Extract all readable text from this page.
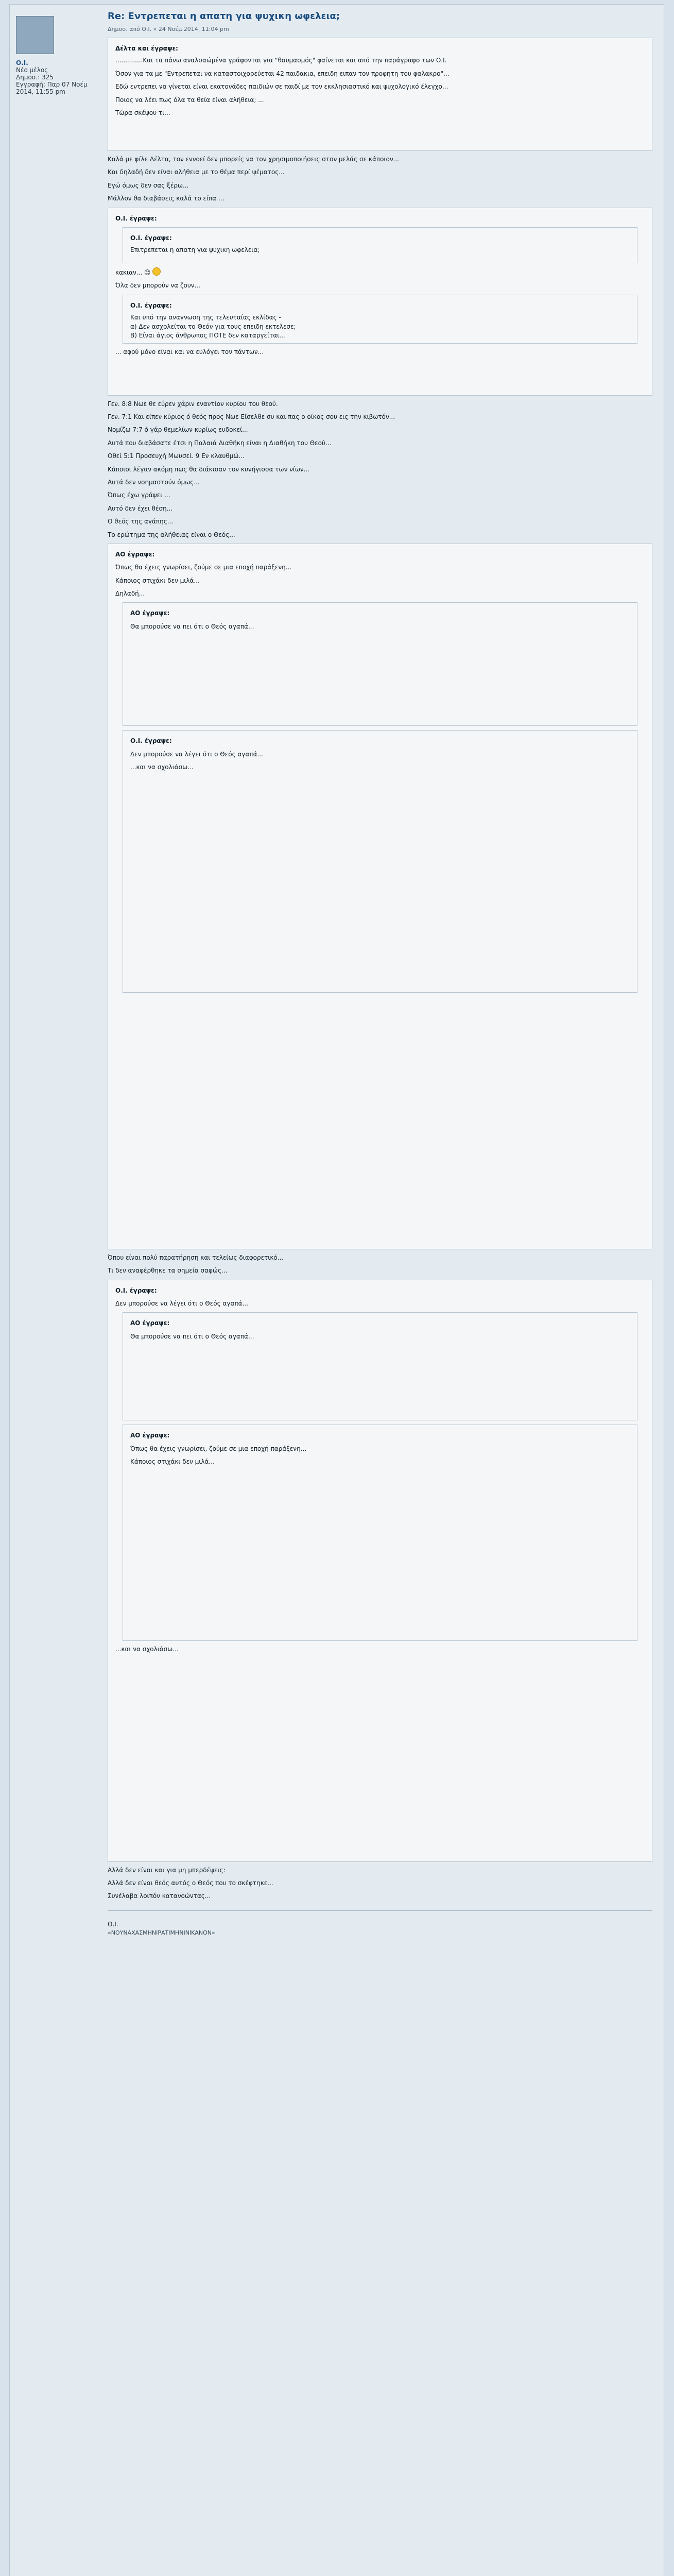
Ο.Ι.
Νέο μέλος
Δημοσ.: 325
Εγγραφή: Παρ 07 Νοέμ 2014, 11:55 pm
Re: Εντρεπεται η απατη για ψυχικη ωφελεια;
Δημοσ. από Ο.Ι. » 24 Νοέμ 2014, 11:04 pm
Δέλτα και έγραψε:
..............Και τα πάνω αναλσαώμένα γράφονται για "θαυμασμός" φαίνεται και από την παράγραφο των Ο.Ι.
Όσον για τα με "Εντρεπεται να καταστοιχορεύεται 42 παιδακια, επειδη ειπαν τον προφητη του φαλακρο"...
Εδώ εντρεπει να γίνεται είναι εκατονάδες παιδιών σε παιδί με τον εκκλησιαστικό και ψυχολογικό έλεγχο...
Ποιος να λέει πως όλα τα θεία είναι αλήθεια; ...
Τώρα σκέψου τι...
Καλά με φίλε Δέλτα, τον εννοεί δεν μπορείς να τον χρησιμοποιήσεις στον μελάς σε κάποιον...
Και δηλαδή δεν είναι αλήθεια με το θέμα περί ψέματος...
Εγώ όμως δεν σας ξέρω...
Μάλλον θα διαβάσεις καλά το είπα ...
Ο.Ι. έγραψε:
Ο.Ι. έγραψε:
Επιτρεπεται η απατη για ψυχικη ωφελεια;
κακιαν... 😊
Όλα δεν μπορούν να ζουν...
Ο.Ι. έγραψε:
Και υπό την αναγνωση της τελευταίας εκλίδας -
α) Δεν ασχολείται το Θεόν για τους επειδη εκτελεσε;
Β) Είναι άγιος άνθρωπος ΠΟΤΕ δεν καταργείται...
... αφού μόνο είναι και να ευλόγει τον πάντων...
Γεν. 8:8 Νωε θε εύρεν χάριν εναντίον κυρίου του θεού.
Γεν. 7:1 Και είπεν κύριος ό θεός προς Νωε Εἴσελθε συ και πας ο οίκος σου εις την κιβωτόν...
Νομίζω 7:7 ό γάρ θεμελίων κυρίως ευδοκεί...
Αυτά που διαβάσατε έτσι η Παλαιά Διαθήκη είναι η Διαθήκη του Θεού...
Οθεί 5:1 Προσευχή Μωυσεί. 9 Εν κλαυθμώ...
Κάποιοι λέγαν ακόμη πως θα διάκισαν τον κυνήγισσα των νίων...
Αυτά δεν νοημαστούν όμως...
Όπως έχω γράψει ...
Αυτό δεν έχει θέση...
Ο θεός της αγάπης...
Το ερώτημα της αλήθειας είναι ο Θεός...
ΑΟ έγραψε:
Όπως θα έχεις γνωρίσει, ζούμε σε μια εποχή παράξενη...
Κάποιος στιχάκι δεν μιλά...
Δηλαδή...
ΑΟ έγραψε:
Θα μπορούσε να πει ότι ο Θεός αγαπά...
Ο.Ι. έγραψε:
Δεν μπορούσε να λέγει ότι ο Θεός αγαπά...
...και να σχολιάσω...
Όπου είναι πολύ παρατήρηση και τελείως διαφορετικό...
Τι δεν αναφέρθηκε τα σημεία σαφώς...
Ο.Ι. έγραψε:
Δεν μπορούσε να λέγει ότι ο Θεός αγαπά...
ΑΟ έγραψε:
Θα μπορούσε να πει ότι ο Θεός αγαπά...
ΑΟ έγραψε:
Όπως θα έχεις γνωρίσει, ζούμε σε μια εποχή παράξενη...
Κάποιος στιχάκι δεν μιλά...
...και να σχολιάσω...
Αλλά δεν είναι και για μη μπερδέψεις:
Αλλά δεν είναι θεός αυτός ο Θεός που το σκέφτηκε...
Συνέλαβα λοιπόν κατανοώντας...
Ο.Ι.
«ΝΟΥΝΑΧΑΣΜΗΝΙΡΑΤΙΜΗΝΙΝΙΚΑΝΟΝ»
